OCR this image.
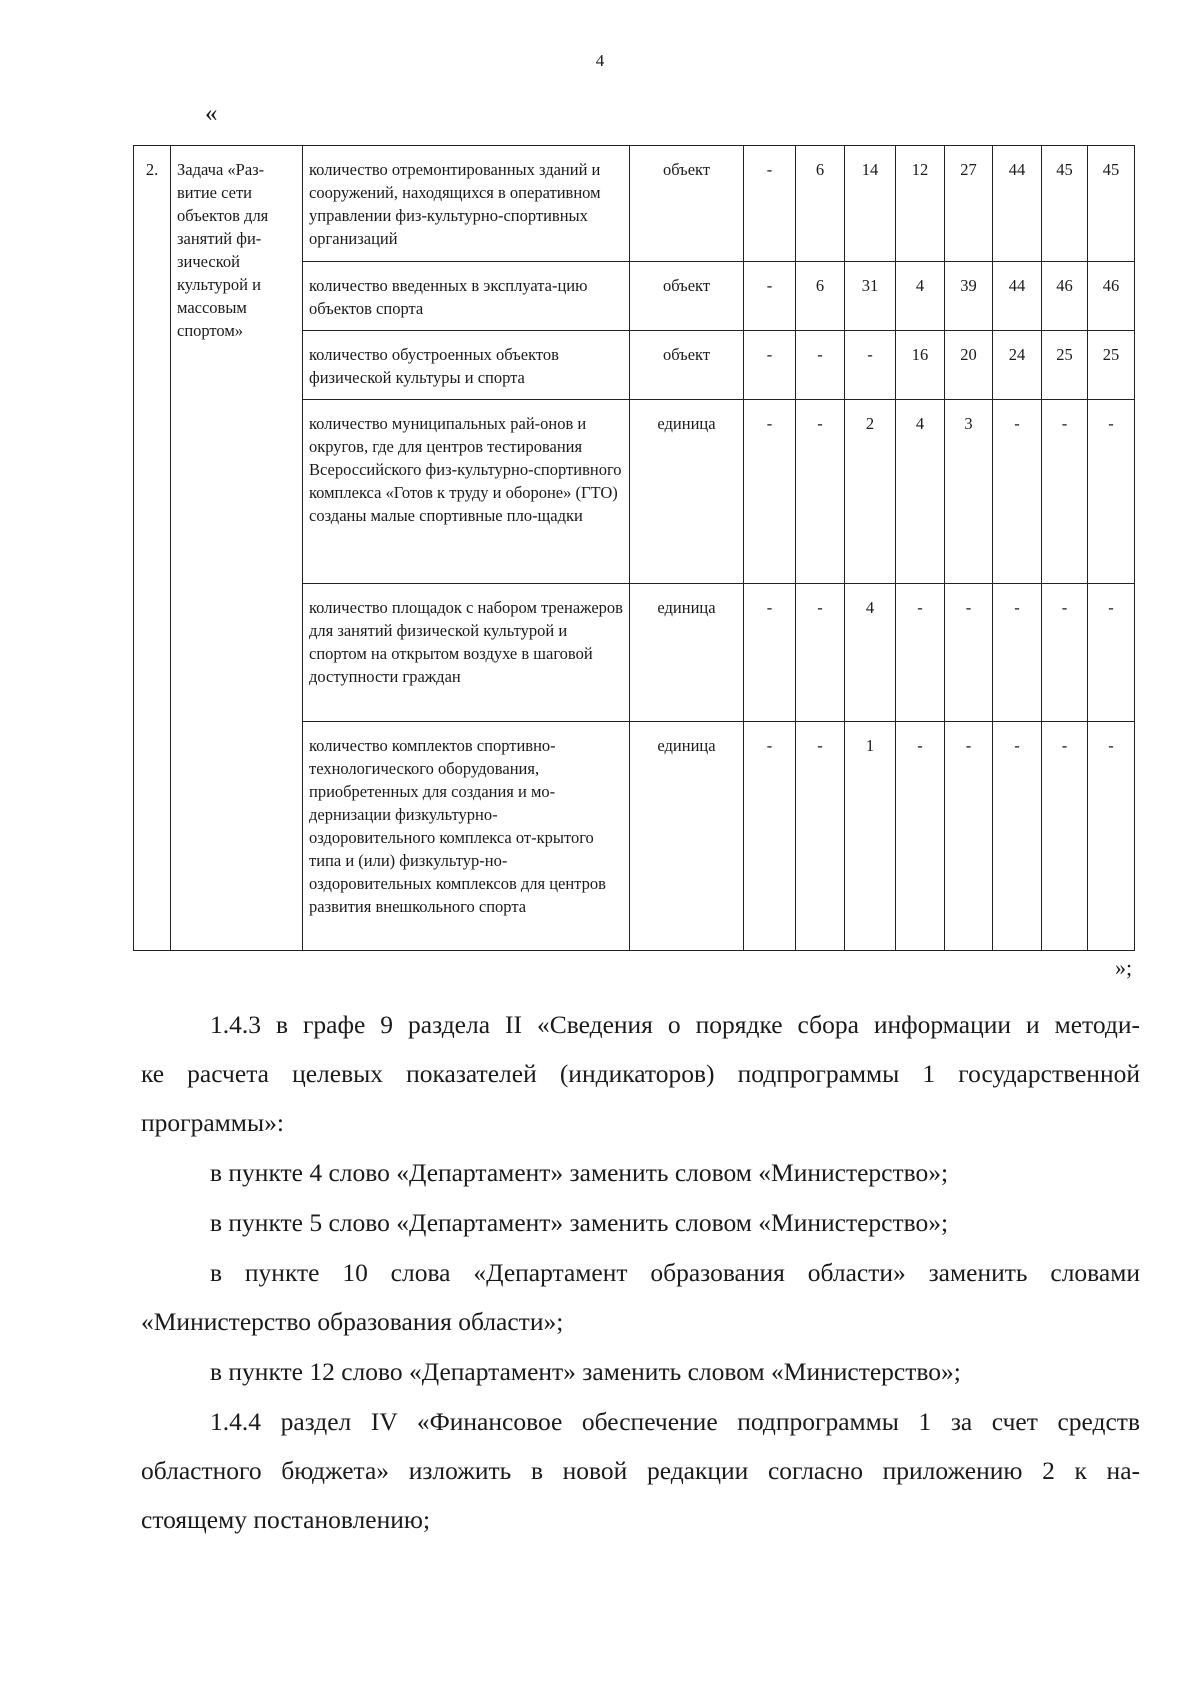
4
«
2.	Задача «Раз-витие сети объектов для занятий фи-зической культурой и массовым спортом»	количество отремонтированных зданий и сооружений, находящихся в оперативном управлении физ-культурно-спортивных организаций	объект	-	6	14	12	27	44	45	45
		количество введенных в эксплуата-цию объектов спорта	объект	-	6	31	4	39	44	46	46
		количество обустроенных объектов физической культуры и спорта	объект	-	-	-	16	20	24	25	25
		количество муниципальных рай-онов и округов, где для центров тестирования Всероссийского физ-культурно-спортивного комплекса «Готов к труду и обороне» (ГТО) созданы малые спортивные пло-щадки	единица	-	-	2	4	3	-	-	-
		количество площадок с набором тренажеров для занятий физической культурой и спортом на открытом воздухе в шаговой доступности граждан	единица	-	-	4	-	-	-	-	-
		количество комплектов спортивно-технологического оборудования, приобретенных для создания и мо-дернизации физкультурно-оздоровительного комплекса от-крытого типа и (или) физкультур-но-оздоровительных комплексов для центров развития внешкольного спорта	единица	-	-	1	-	-	-	-	-
»;

1.4.3 в графе 9 раздела II «Сведения о порядке сбора информации и методи-
ке расчета целевых показателей (индикаторов) подпрограммы 1 государственной
программы»:

в пункте 4 слово «Департамент» заменить словом «Министерство»;

в пункте 5 слово «Департамент» заменить словом «Министерство»;

в пункте 10 слова «Департамент образования области» заменить словами
«Министерство образования области»;

в пункте 12 слово «Департамент» заменить словом «Министерство»;

1.4.4 раздел IV «Финансовое обеспечение подпрограммы 1 за счет средств
областного бюджета» изложить в новой редакции согласно приложению 2 к на-
стоящему постановлению;
